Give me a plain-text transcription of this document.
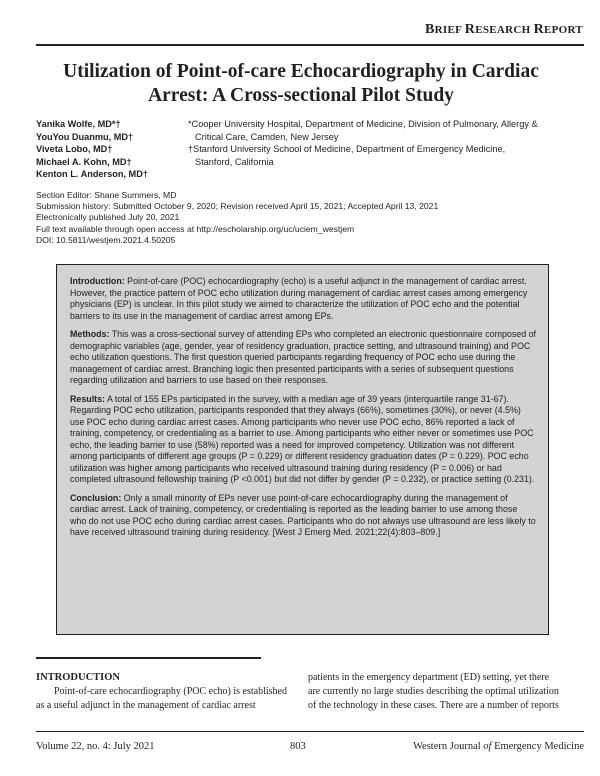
BRIEF RESEARCH REPORT
Utilization of Point-of-care Echocardiography in Cardiac
Arrest: A Cross-sectional Pilot Study
Yanika Wolfe, MD*†
YouYou Duanmu, MD†
Viveta Lobo, MD†
Michael A. Kohn, MD†
Kenton L. Anderson, MD†
*Cooper University Hospital, Department of Medicine, Division of Pulmonary, Allergy &
Critical Care, Camden, New Jersey
†Stanford University School of Medicine, Department of Emergency Medicine,
Stanford, California
Section Editor: Shane Summers, MD
Submission history: Submitted October 9, 2020; Revision received April 15, 2021; Accepted April 13, 2021
Electronically published July 20, 2021
Full text available through open access at http://escholarship.org/uc/uciem_westjem
DOI: 10.5811/westjem.2021.4.50205

Introduction: Point-of-care (POC) echocardiography (echo) is a useful adjunct in the management of cardiac arrest. However, the practice pattern of POC echo utilization during management of cardiac arrest cases among emergency physicians (EP) is unclear. In this pilot study we aimed to characterize the utilization of POC echo and the potential barriers to its use in the management of cardiac arrest among EPs.

Methods: This was a cross-sectional survey of attending EPs who completed an electronic questionnaire composed of demographic variables (age, gender, year of residency graduation, practice setting, and ultrasound training) and POC echo utilization questions. The first question queried participants regarding frequency of POC echo use during the management of cardiac arrest. Branching logic then presented participants with a series of subsequent questions regarding utilization and barriers to use based on their responses.

Results: A total of 155 EPs participated in the survey, with a median age of 39 years (interquartile range 31-67). Regarding POC echo utilization, participants responded that they always (66%), sometimes (30%), or never (4.5%) use POC echo during cardiac arrest cases. Among participants who never use POC echo, 86% reported a lack of training, competency, or credentialing as a barrier to use. Among participants who either never or sometimes use POC echo, the leading barrier to use (58%) reported was a need for improved competency. Utilization was not different among participants of different age groups (P = 0.229) or different residency graduation dates (P = 0.229). POC echo utilization was higher among participants who received ultrasound training during residency (P = 0.006) or had completed ultrasound fellowship training (P <0.001) but did not differ by gender (P = 0.232), or practice setting (0.231).

Conclusion: Only a small minority of EPs never use point-of-care echocardiography during the management of cardiac arrest. Lack of training, competency, or credentialing is reported as the leading barrier to use among those who do not use POC echo during cardiac arrest cases. Participants who do not always use ultrasound are less likely to have received ultrasound training during residency. [West J Emerg Med. 2021;22(4):803–809.]

INTRODUCTION
Point-of-care echocardiography (POC echo) is established
as a useful adjunct in the management of cardiac arrest
patients in the emergency department (ED) setting, yet there
are currently no large studies describing the optimal utilization
of the technology in these cases. There are a number of reports
Volume 22, no. 4: July 2021	803	Western Journal of Emergency Medicine
